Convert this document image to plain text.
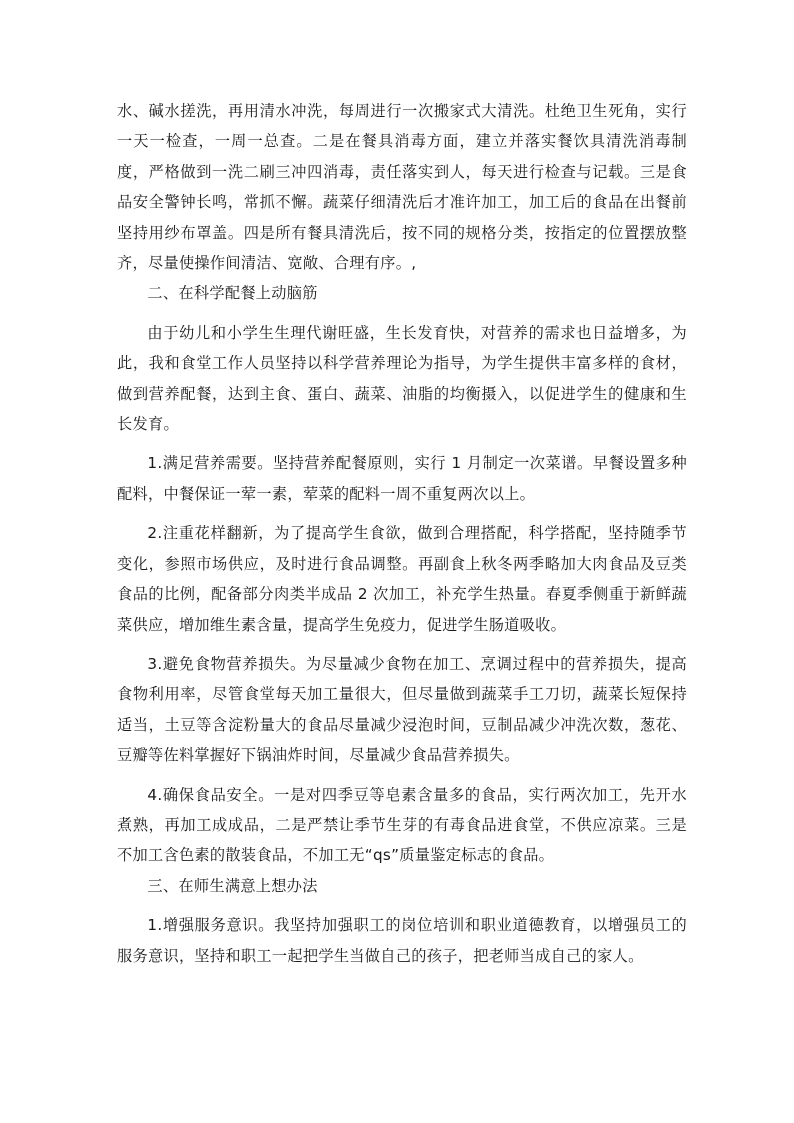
水、碱水搓洗，再用清水冲洗，每周进行一次搬家式大清洗。杜绝卫生死角，实行一天一检查，一周一总查。二是在餐具消毒方面，建立并落实餐饮具清洗消毒制度，严格做到一洗二刷三冲四消毒，责任落实到人，每天进行检查与记载。三是食品安全警钟长鸣，常抓不懈。蔬菜仔细清洗后才准许加工，加工后的食品在出餐前坚持用纱布罩盖。四是所有餐具清洗后，按不同的规格分类，按指定的位置摆放整齐，尽量使操作间清洁、宽敞、合理有序。,

二、在科学配餐上动脑筋

由于幼儿和小学生生理代谢旺盛，生长发育快，对营养的需求也日益增多，为此，我和食堂工作人员坚持以科学营养理论为指导，为学生提供丰富多样的食材，做到营养配餐，达到主食、蛋白、蔬菜、油脂的均衡摄入，以促进学生的健康和生长发育。

1.满足营养需要。坚持营养配餐原则，实行 1 月制定一次菜谱。早餐设置多种配料，中餐保证一荤一素，荤菜的配料一周不重复两次以上。

2.注重花样翻新，为了提高学生食欲，做到合理搭配，科学搭配，坚持随季节变化，参照市场供应，及时进行食品调整。再副食上秋冬两季略加大肉食品及豆类食品的比例，配备部分肉类半成品 2 次加工，补充学生热量。春夏季侧重于新鲜蔬菜供应，增加维生素含量，提高学生免疫力，促进学生肠道吸收。

3.避免食物营养损失。为尽量减少食物在加工、烹调过程中的营养损失，提高食物利用率，尽管食堂每天加工量很大，但尽量做到蔬菜手工刀切，蔬菜长短保持适当，土豆等含淀粉量大的食品尽量减少浸泡时间，豆制品减少冲洗次数，葱花、豆瓣等佐料掌握好下锅油炸时间，尽量减少食品营养损失。

4.确保食品安全。一是对四季豆等皂素含量多的食品，实行两次加工，先开水煮熟，再加工成成品，二是严禁让季节生芽的有毒食品进食堂，不供应凉菜。三是不加工含色素的散装食品，不加工无“qs”质量鉴定标志的食品。

三、在师生满意上想办法

1.增强服务意识。我坚持加强职工的岗位培训和职业道德教育，以增强员工的服务意识，坚持和职工一起把学生当做自己的孩子，把老师当成自己的家人。
